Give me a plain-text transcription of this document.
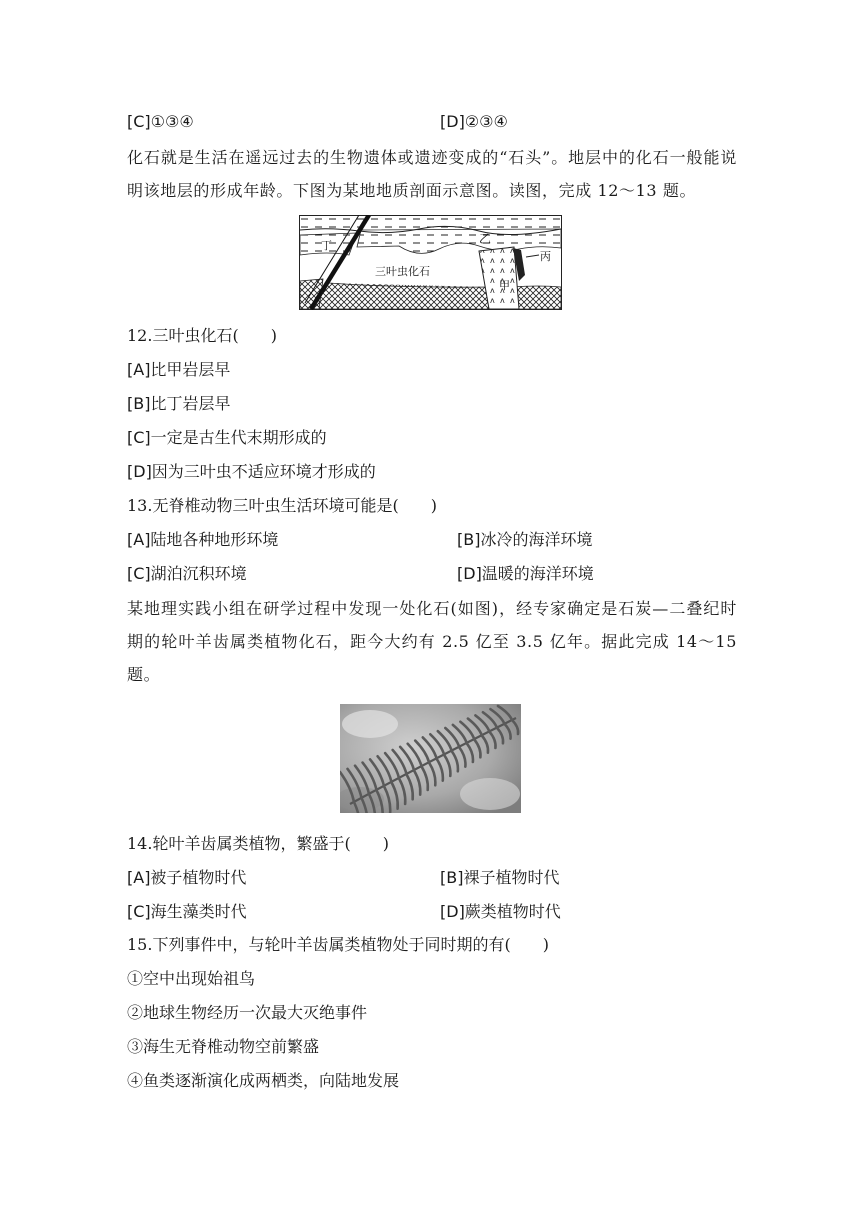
[C]①③④	[D]②③④
化石就是生活在遥远过去的生物遗体或遗迹变成的“石头”。地层中的化石一般能说明该地层的形成年龄。下图为某地地质剖面示意图。读图，完成 12～13 题。
丁	乙
丙
甲
三叶虫化石
12.三叶虫化石(　　)
[A]比甲岩层早
[B]比丁岩层早
[C]一定是古生代末期形成的
[D]因为三叶虫不适应环境才形成的
13.无脊椎动物三叶虫生活环境可能是(　　)
[A]陆地各种地形环境	[B]冰冷的海洋环境
[C]湖泊沉积环境	[D]温暖的海洋环境
某地理实践小组在研学过程中发现一处化石(如图)，经专家确定是石炭—二叠纪时期的轮叶羊齿属类植物化石，距今大约有 2.5 亿至 3.5 亿年。据此完成 14～15 题。
14.轮叶羊齿属类植物，繁盛于(　　)
[A]被子植物时代	[B]裸子植物时代
[C]海生藻类时代	[D]蕨类植物时代
15.下列事件中，与轮叶羊齿属类植物处于同时期的有(　　)
①空中出现始祖鸟
②地球生物经历一次最大灭绝事件
③海生无脊椎动物空前繁盛
④鱼类逐渐演化成两栖类，向陆地发展
